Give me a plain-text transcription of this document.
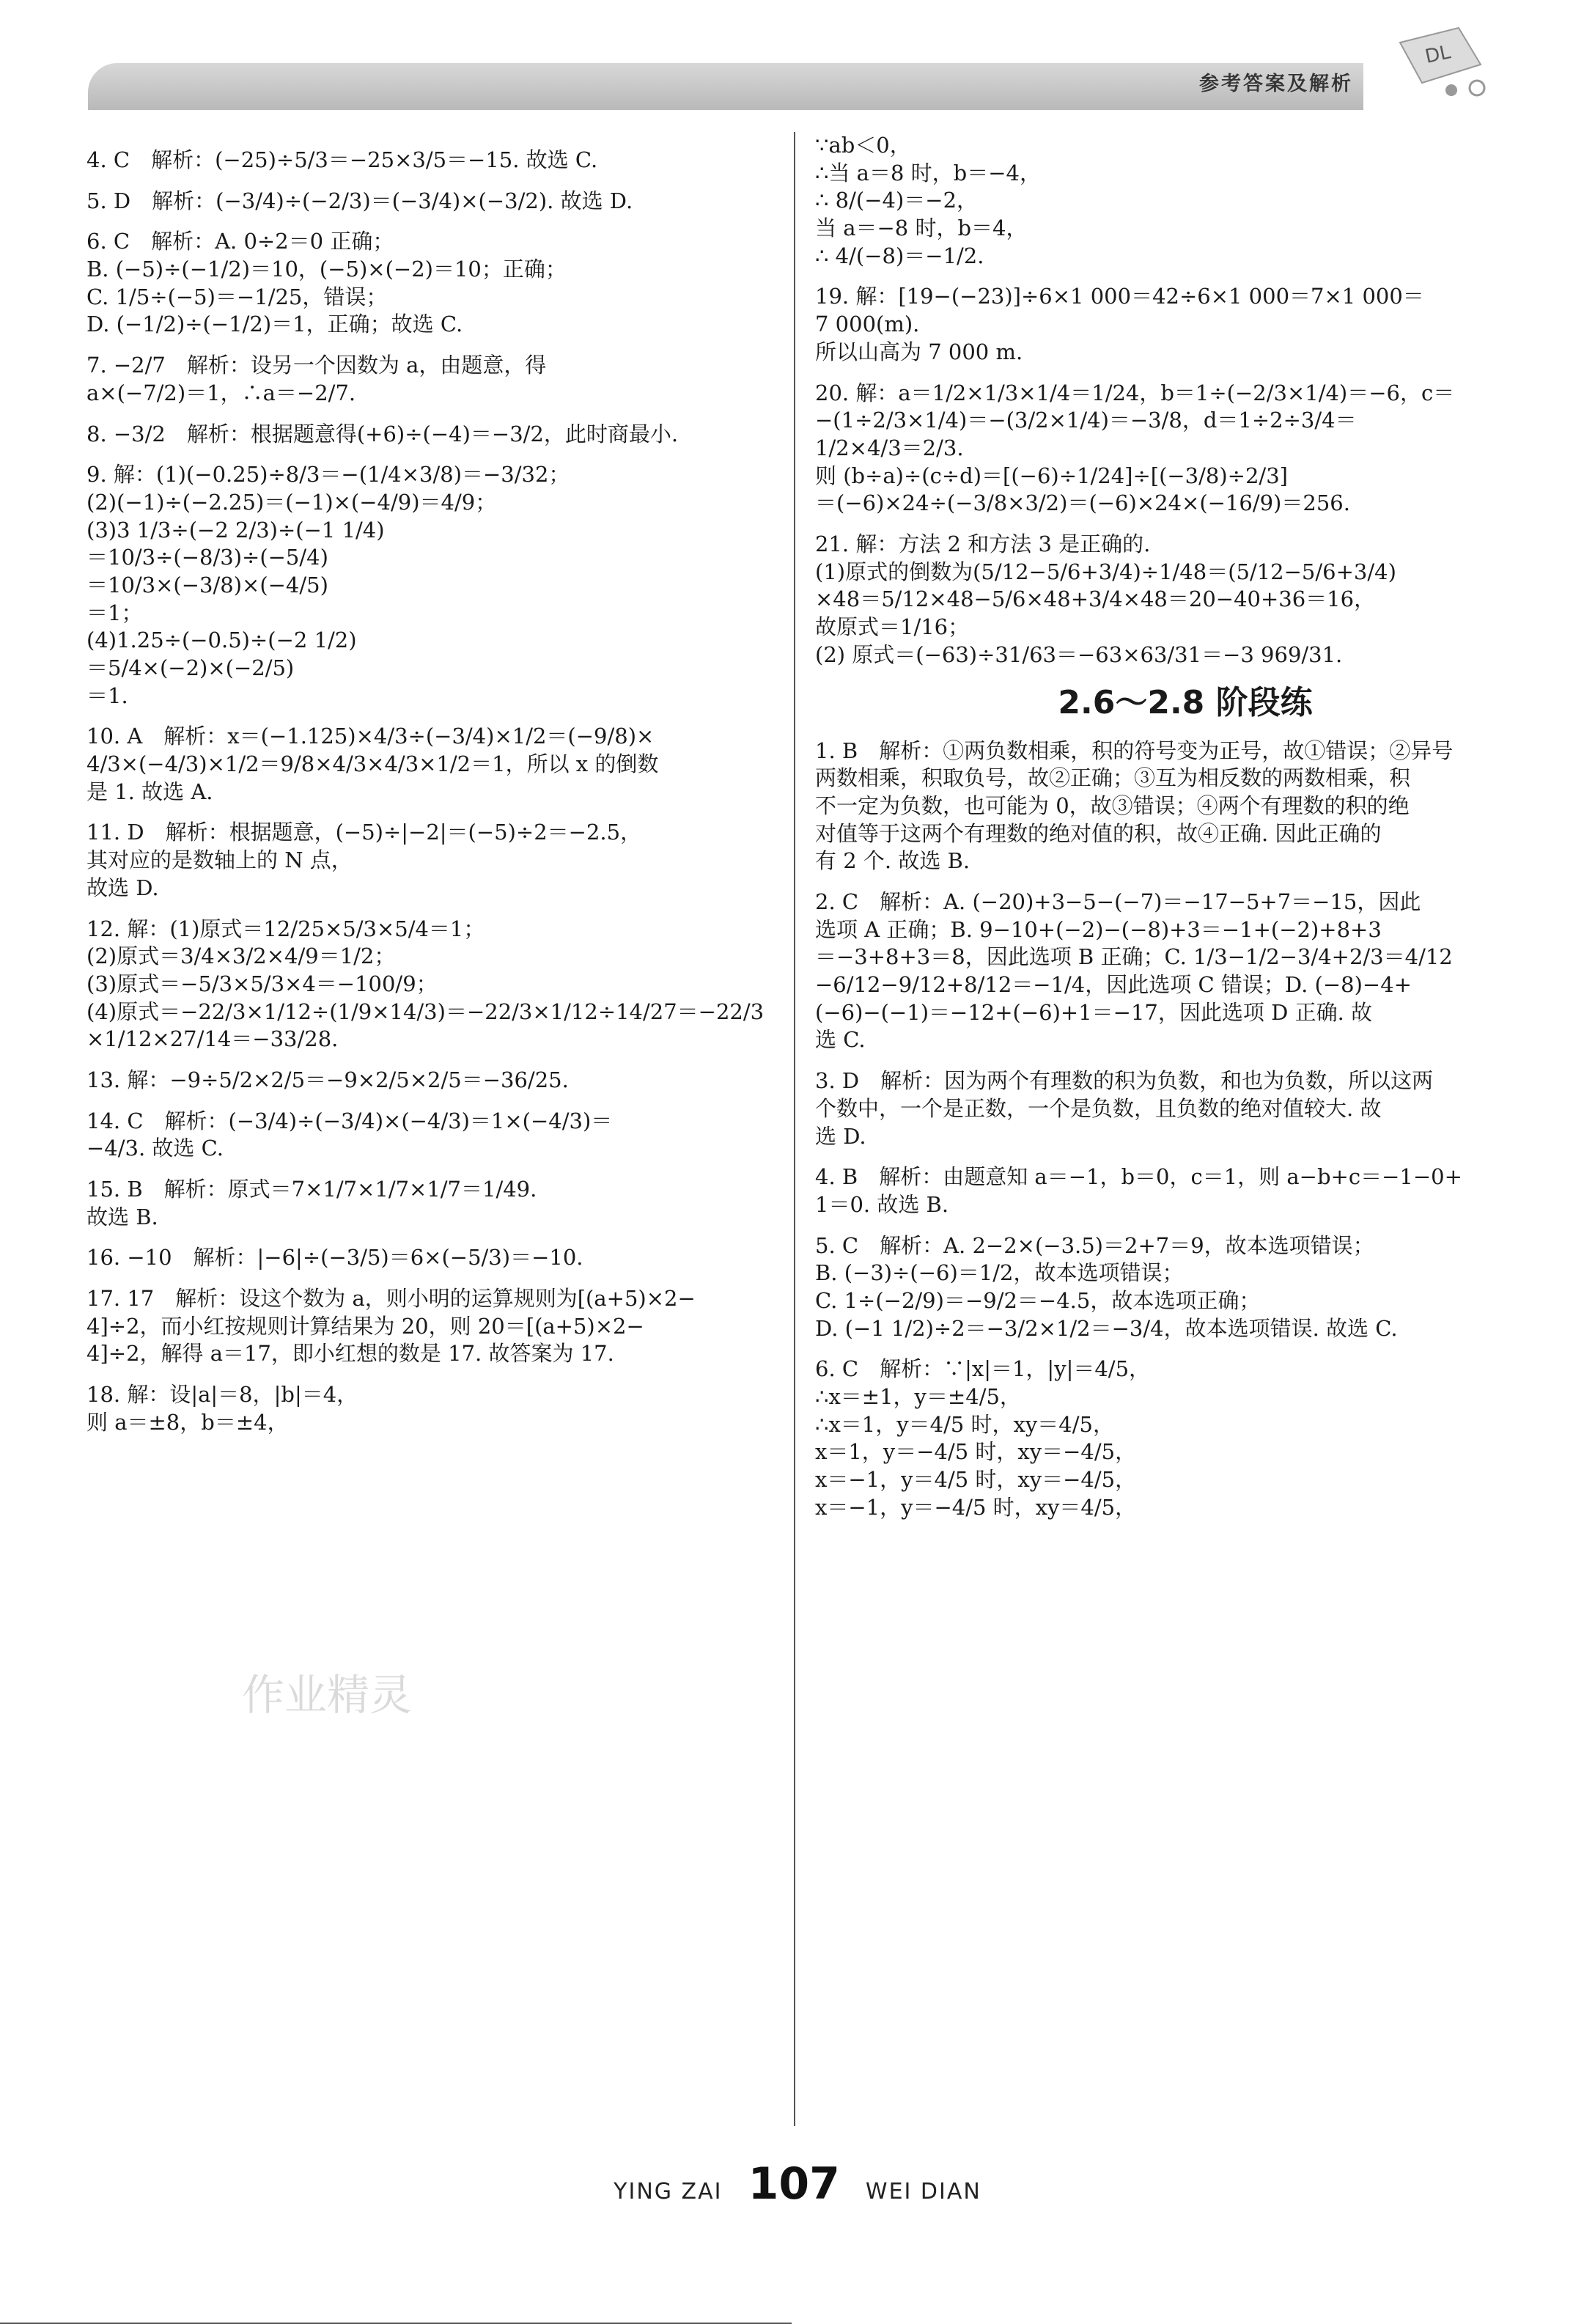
参考答案及解析
DL
4. C　解析：(−25)÷5/3＝−25×3/5＝−15. 故选 C.
5. D　解析：(−3/4)÷(−2/3)＝(−3/4)×(−3/2). 故选 D.
6. C　解析：A. 0÷2＝0 正确；
B. (−5)÷(−1/2)＝10，(−5)×(−2)＝10；正确；
C. 1/5÷(−5)＝−1/25，错误；
D. (−1/2)÷(−1/2)＝1，正确；故选 C.
7. −2/7　解析：设另一个因数为 a，由题意，得
a×(−7/2)＝1，∴a＝−2/7.
8. −3/2　解析：根据题意得(+6)÷(−4)＝−3/2，此时商最小.
9. 解：(1)(−0.25)÷8/3＝−(1/4×3/8)＝−3/32；
(2)(−1)÷(−2.25)＝(−1)×(−4/9)＝4/9；
(3)3 1/3÷(−2 2/3)÷(−1 1/4)
＝10/3÷(−8/3)÷(−5/4)
＝10/3×(−3/8)×(−4/5)
＝1；
(4)1.25÷(−0.5)÷(−2 1/2)
＝5/4×(−2)×(−2/5)
＝1.
10. A　解析：x＝(−1.125)×4/3÷(−3/4)×1/2＝(−9/8)×
4/3×(−4/3)×1/2＝9/8×4/3×4/3×1/2＝1，所以 x 的倒数
是 1. 故选 A.
11. D　解析：根据题意，(−5)÷|−2|＝(−5)÷2＝−2.5，
其对应的是数轴上的 N 点，
故选 D.
12. 解：(1)原式＝12/25×5/3×5/4＝1；
(2)原式＝3/4×3/2×4/9＝1/2；
(3)原式＝−5/3×5/3×4＝−100/9；
(4)原式＝−22/3×1/12÷(1/9×14/3)＝−22/3×1/12÷14/27＝−22/3
×1/12×27/14＝−33/28.
13. 解：−9÷5/2×2/5＝−9×2/5×2/5＝−36/25.
14. C　解析：(−3/4)÷(−3/4)×(−4/3)＝1×(−4/3)＝
−4/3. 故选 C.
15. B　解析：原式＝7×1/7×1/7×1/7＝1/49.
故选 B.
16. −10　解析：|−6|÷(−3/5)＝6×(−5/3)＝−10.
17. 17　解析：设这个数为 a，则小明的运算规则为[(a+5)×2−
4]÷2，而小红按规则计算结果为 20，则 20＝[(a+5)×2−
4]÷2，解得 a＝17，即小红想的数是 17. 故答案为 17.
18. 解：设|a|＝8，|b|＝4，
则 a＝±8，b＝±4，
∵ab＜0，
∴当 a＝8 时，b＝−4，
∴ 8/(−4)＝−2，
当 a＝−8 时，b＝4，
∴ 4/(−8)＝−1/2.
19. 解：[19−(−23)]÷6×1 000＝42÷6×1 000＝7×1 000＝
7 000(m).
所以山高为 7 000 m.
20. 解：a＝1/2×1/3×1/4＝1/24，b＝1÷(−2/3×1/4)＝−6，c＝
−(1÷2/3×1/4)＝−(3/2×1/4)＝−3/8，d＝1÷2÷3/4＝
1/2×4/3＝2/3.
则 (b÷a)÷(c÷d)＝[(−6)÷1/24]÷[(−3/8)÷2/3]
＝(−6)×24÷(−3/8×3/2)＝(−6)×24×(−16/9)＝256.
21. 解：方法 2 和方法 3 是正确的.
(1)原式的倒数为(5/12−5/6+3/4)÷1/48＝(5/12−5/6+3/4)
×48＝5/12×48−5/6×48+3/4×48＝20−40+36＝16，
故原式＝1/16；
(2) 原式＝(−63)÷31/63＝−63×63/31＝−3 969/31.
2.6～2.8 阶段练
1. B　解析：①两负数相乘，积的符号变为正号，故①错误；②异号
两数相乘，积取负号，故②正确；③互为相反数的两数相乘，积
不一定为负数，也可能为 0，故③错误；④两个有理数的积的绝
对值等于这两个有理数的绝对值的积，故④正确. 因此正确的
有 2 个. 故选 B.
2. C　解析：A. (−20)+3−5−(−7)＝−17−5+7＝−15，因此
选项 A 正确；B. 9−10+(−2)−(−8)+3＝−1+(−2)+8+3
＝−3+8+3＝8，因此选项 B 正确；C. 1/3−1/2−3/4+2/3＝4/12
−6/12−9/12+8/12＝−1/4，因此选项 C 错误；D. (−8)−4+
(−6)−(−1)＝−12+(−6)+1＝−17，因此选项 D 正确. 故
选 C.
3. D　解析：因为两个有理数的积为负数，和也为负数，所以这两
个数中，一个是正数，一个是负数，且负数的绝对值较大. 故
选 D.
4. B　解析：由题意知 a＝−1，b＝0，c＝1，则 a−b+c＝−1−0+
1＝0. 故选 B.
5. C　解析：A. 2−2×(−3.5)＝2+7＝9，故本选项错误；
B. (−3)÷(−6)＝1/2，故本选项错误；
C. 1÷(−2/9)＝−9/2＝−4.5，故本选项正确；
D. (−1 1/2)÷2＝−3/2×1/2＝−3/4，故本选项错误. 故选 C.
6. C　解析：∵|x|＝1，|y|＝4/5，
∴x＝±1，y＝±4/5，
∴x＝1，y＝4/5 时，xy＝4/5，
x＝1，y＝−4/5 时，xy＝−4/5，
x＝−1，y＝4/5 时，xy＝−4/5，
x＝−1，y＝−4/5 时，xy＝4/5，
作业精灵
YING ZAI 107 WEI DIAN
